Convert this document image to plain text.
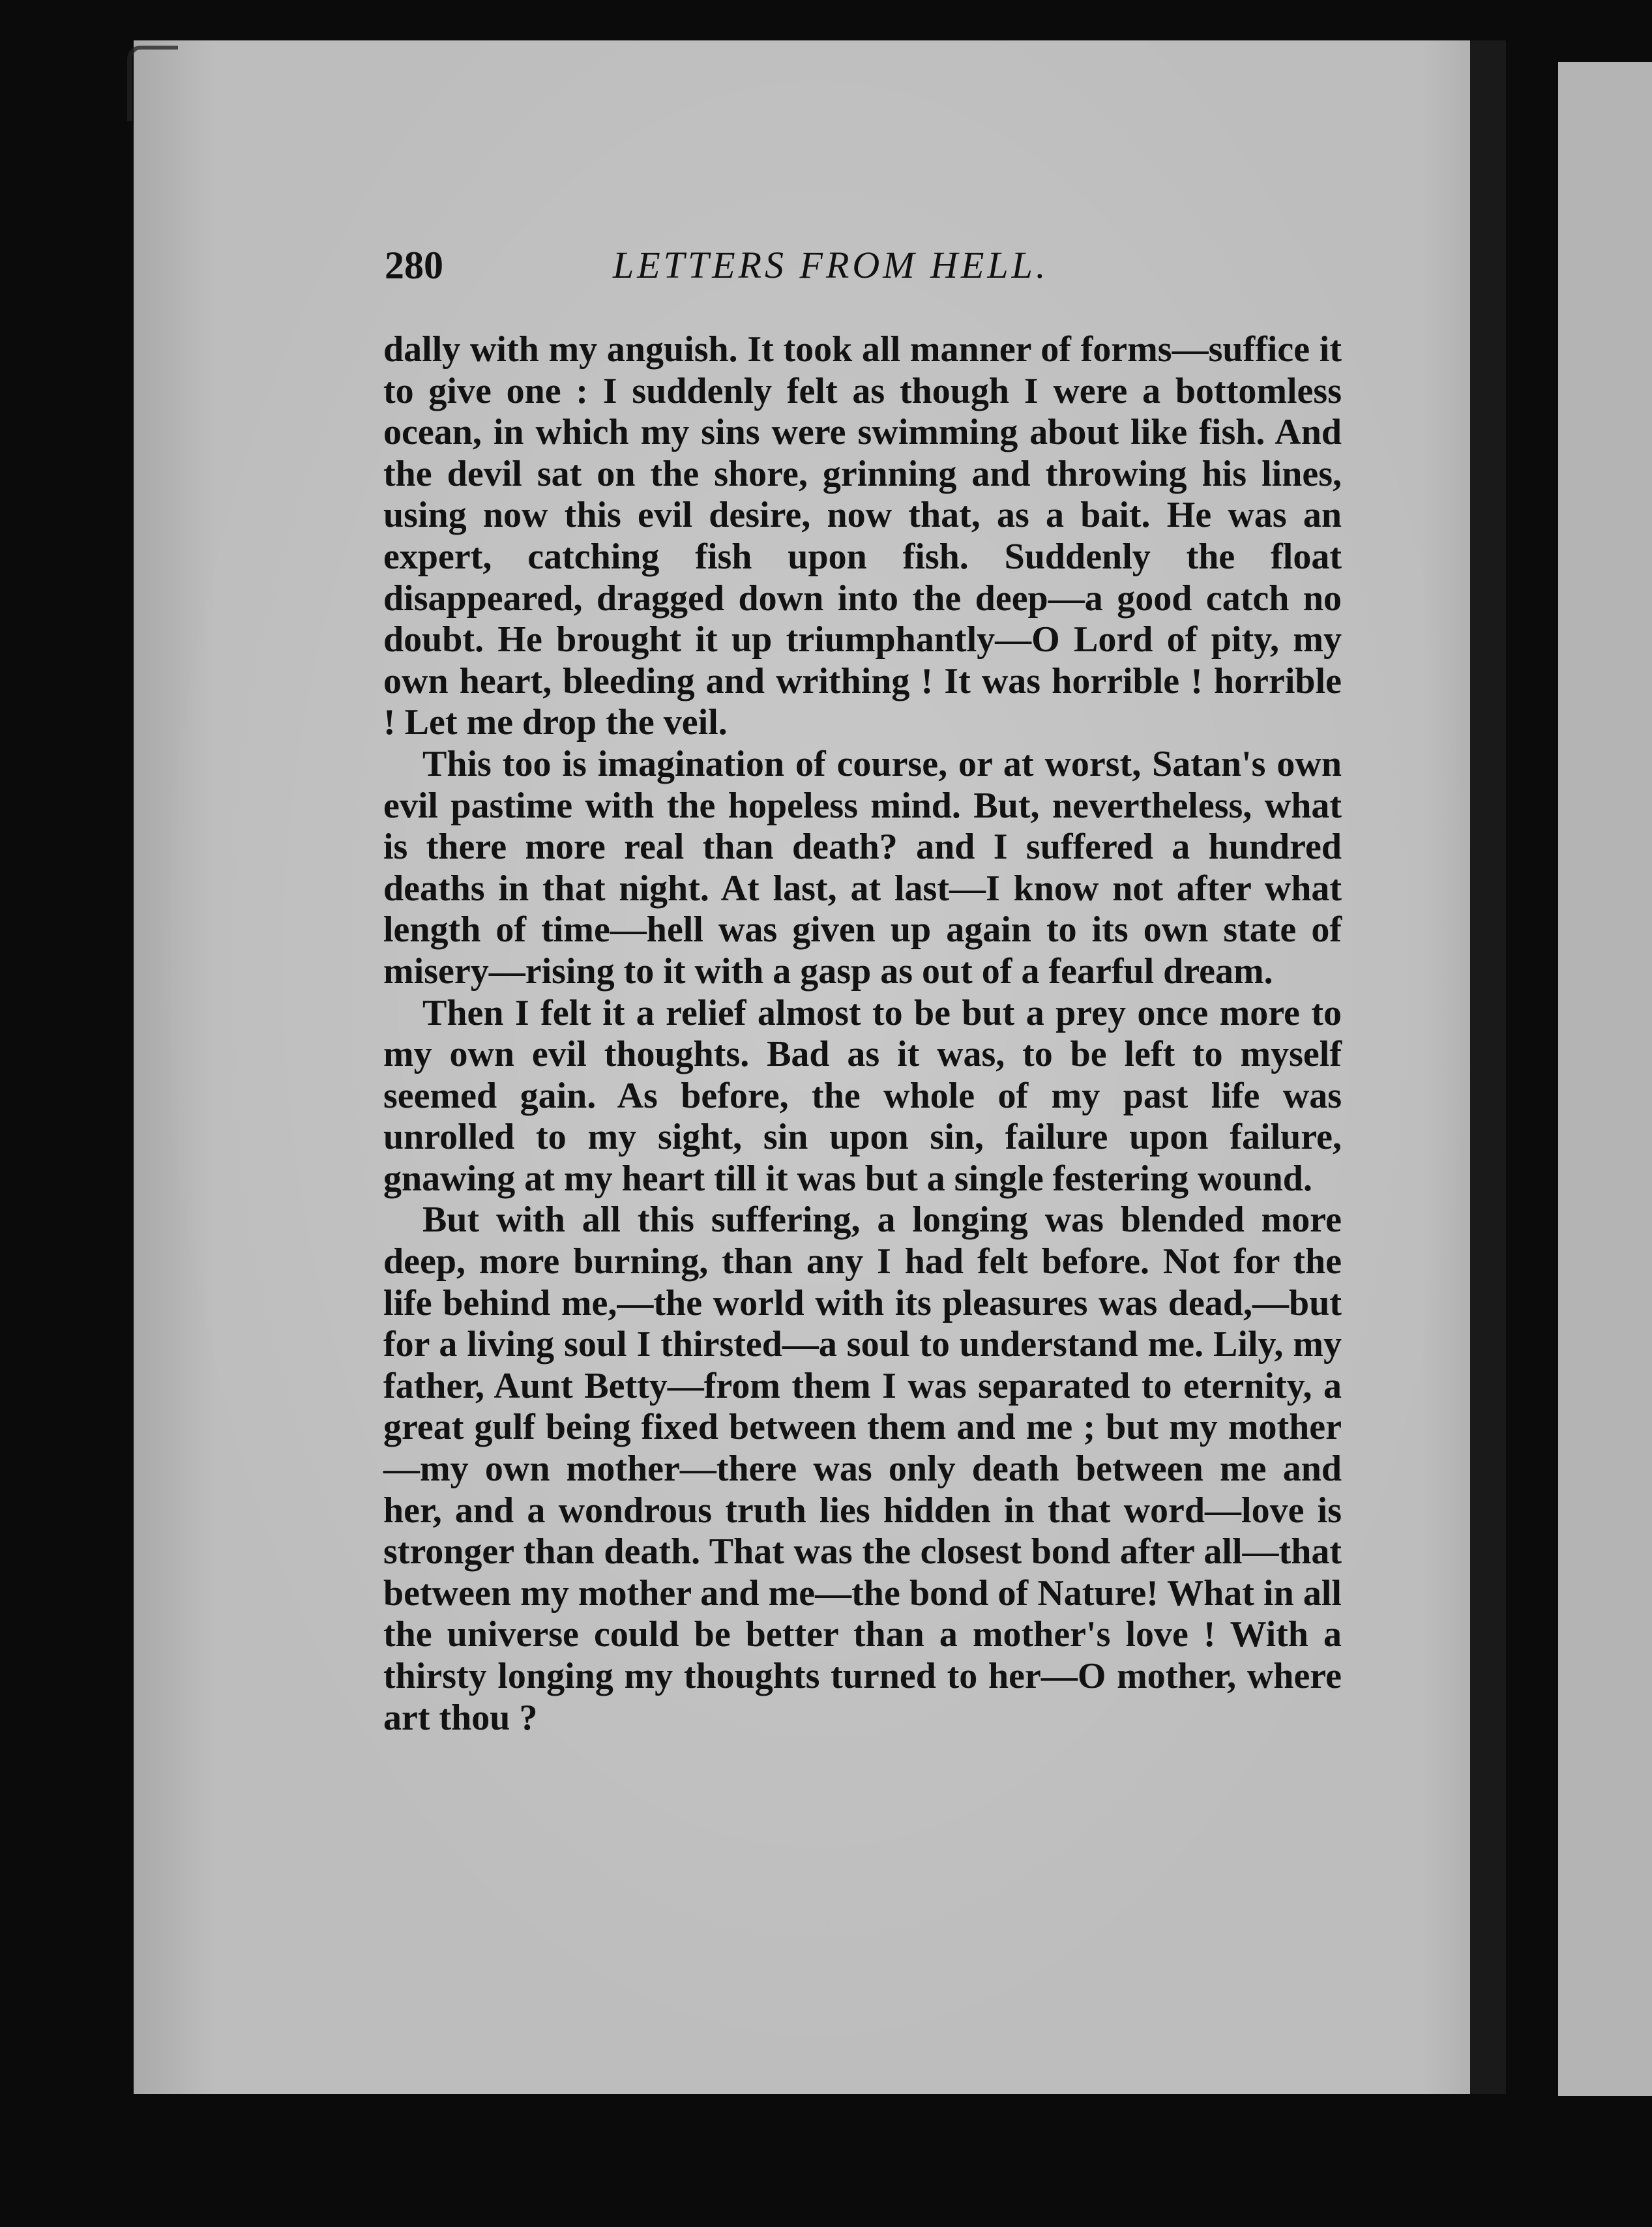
280	LETTERS FROM HELL.

dally with my anguish. It took all manner of forms—suffice it to give one : I suddenly felt as though I were a bottomless ocean, in which my sins were swimming about like fish. And the devil sat on the shore, grinning and throwing his lines, using now this evil desire, now that, as a bait. He was an expert, catching fish upon fish. Suddenly the float disappeared, dragged down into the deep—a good catch no doubt. He brought it up triumphantly—O Lord of pity, my own heart, bleeding and writhing ! It was horrible ! horrible ! Let me drop the veil.

This too is imagination of course, or at worst, Satan's own evil pastime with the hopeless mind. But, nevertheless, what is there more real than death? and I suffered a hundred deaths in that night. At last, at last—I know not after what length of time—hell was given up again to its own state of misery—rising to it with a gasp as out of a fearful dream.

Then I felt it a relief almost to be but a prey once more to my own evil thoughts. Bad as it was, to be left to myself seemed gain. As before, the whole of my past life was unrolled to my sight, sin upon sin, failure upon failure, gnawing at my heart till it was but a single festering wound.

But with all this suffering, a longing was blended more deep, more burning, than any I had felt before. Not for the life behind me,—the world with its pleasures was dead,—but for a living soul I thirsted—a soul to understand me. Lily, my father, Aunt Betty—from them I was separated to eternity, a great gulf being fixed between them and me ; but my mother—my own mother—there was only death between me and her, and a wondrous truth lies hidden in that word—love is stronger than death. That was the closest bond after all—that between my mother and me—the bond of Nature! What in all the universe could be better than a mother's love ! With a thirsty longing my thoughts turned to her—O mother, where art thou ?
